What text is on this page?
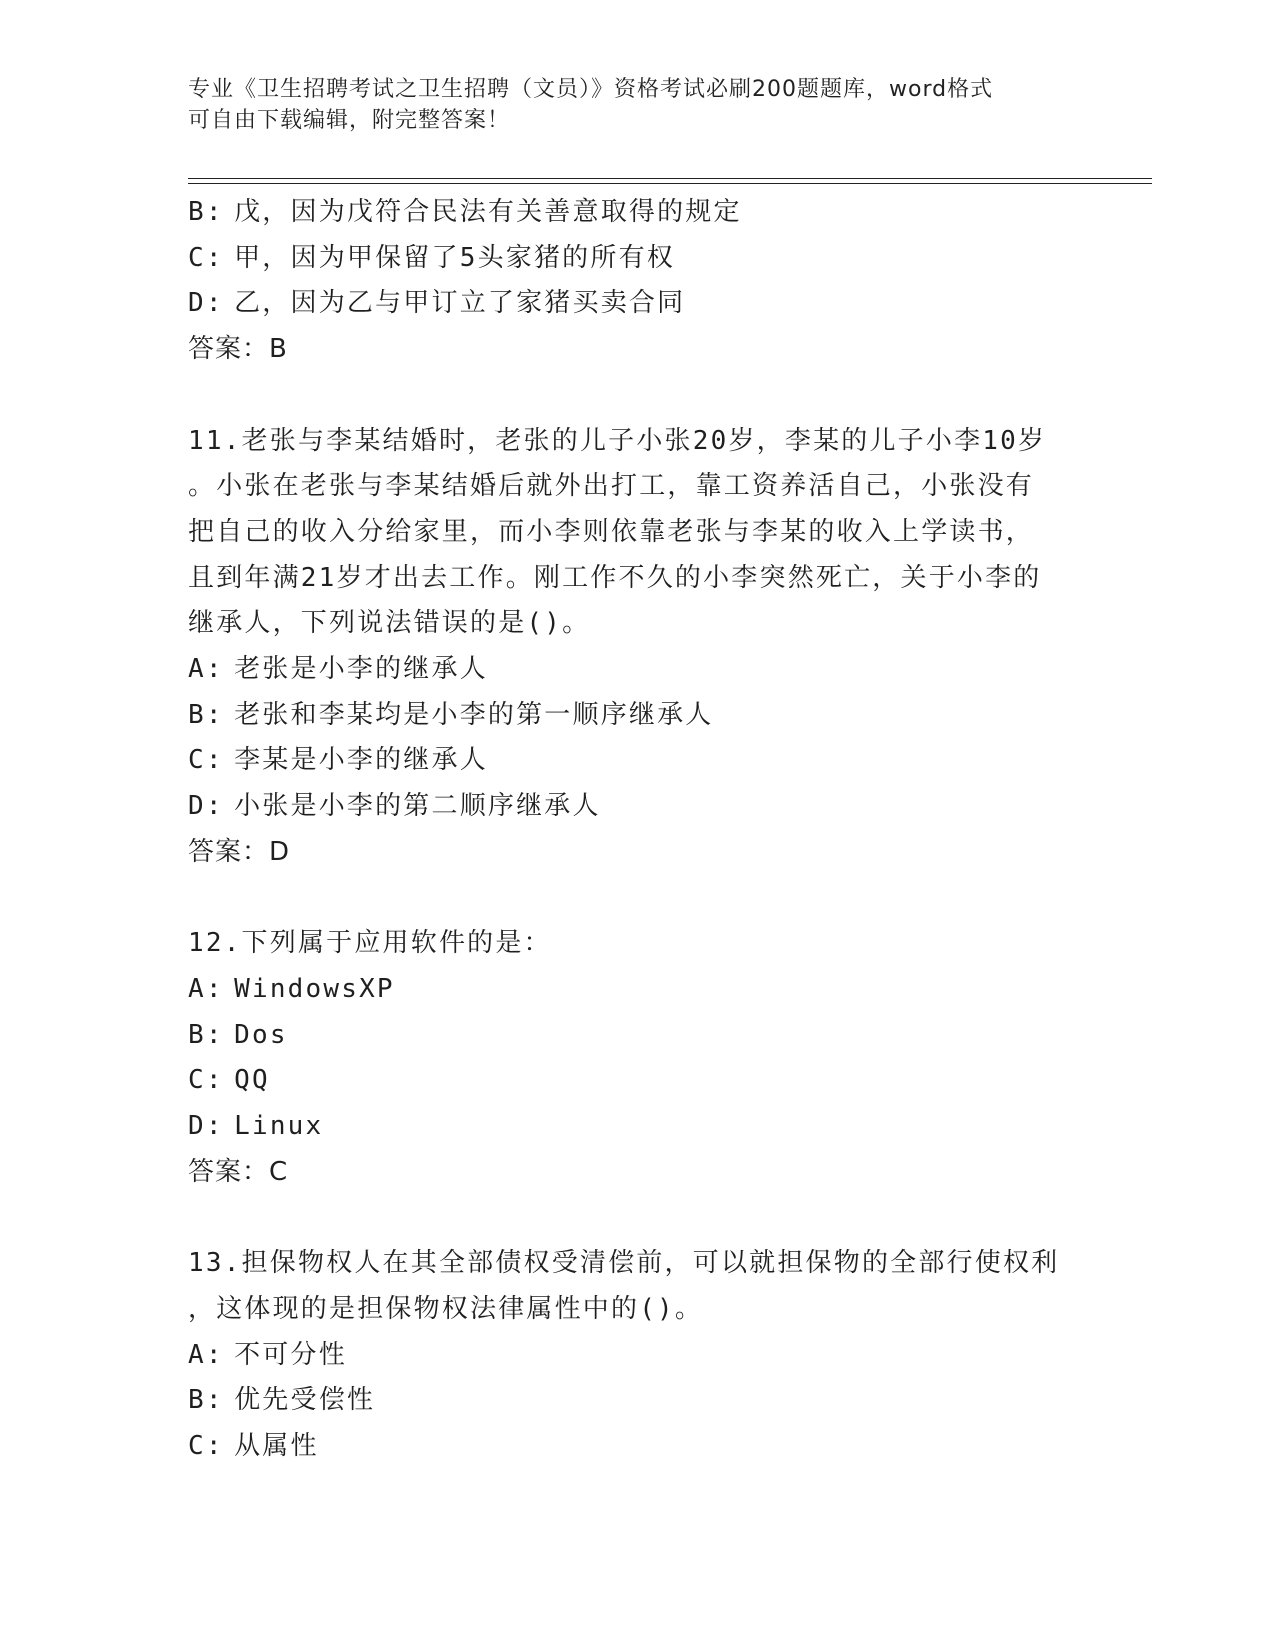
专业《卫生招聘考试之卫生招聘（文员）》资格考试必刷200题题库，word格式
可自由下载编辑，附完整答案！
B: 戊，因为戊符合民法有关善意取得的规定
C: 甲，因为甲保留了5头家猪的所有权
D: 乙，因为乙与甲订立了家猪买卖合同
答案：B
11.老张与李某结婚时，老张的儿子小张20岁，李某的儿子小李10岁
。小张在老张与李某结婚后就外出打工，靠工资养活自己，小张没有
把自己的收入分给家里，而小李则依靠老张与李某的收入上学读书，
且到年满21岁才出去工作。刚工作不久的小李突然死亡，关于小李的
继承人，下列说法错误的是()。
A: 老张是小李的继承人
B: 老张和李某均是小李的第一顺序继承人
C: 李某是小李的继承人
D: 小张是小李的第二顺序继承人
答案：D
12.下列属于应用软件的是：
A: WindowsXP
B: Dos
C: QQ
D: Linux
答案：C
13.担保物权人在其全部债权受清偿前，可以就担保物的全部行使权利
，这体现的是担保物权法律属性中的()。
A: 不可分性
B: 优先受偿性
C: 从属性
